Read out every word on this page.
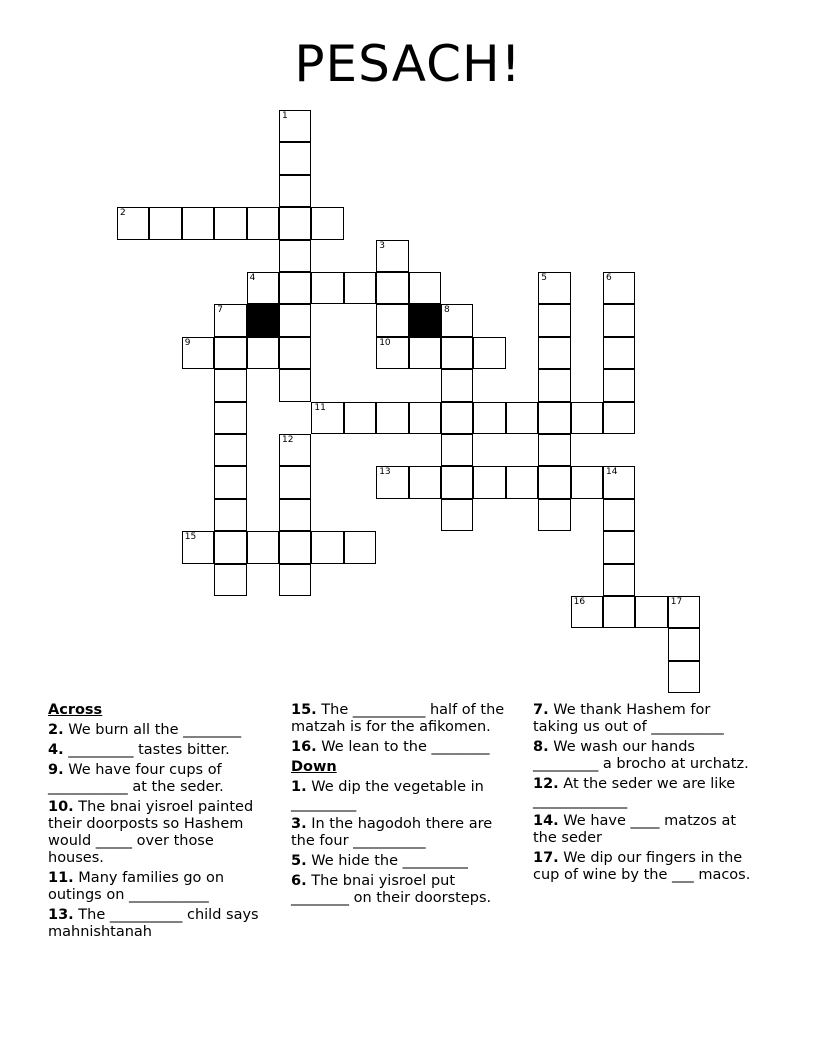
PESACH!
1
2
3
4	5	6
7	8
9	10
11
12
13	14
15
16	17
Across
2. We burn all the ________
4. _________ tastes bitter.
9. We have four cups of ___________ at the seder.
10. The bnai yisroel painted their doorposts so Hashem would _____ over those houses.
11. Many families go on outings on ___________
13. The __________ child says mahnishtanah
15. The __________ half of the matzah is for the afikomen.
16. We lean to the ________
Down
1. We dip the vegetable in _________
3. In the hagodoh there are the four __________
5. We hide the _________
6. The bnai yisroel put ________ on their doorsteps.
7. We thank Hashem for taking us out of __________
8. We wash our hands _________ a brocho at urchatz.
12. At the seder we are like _____________
14. We have ____ matzos at the seder
17. We dip our fingers in the cup of wine by the ___ macos.
